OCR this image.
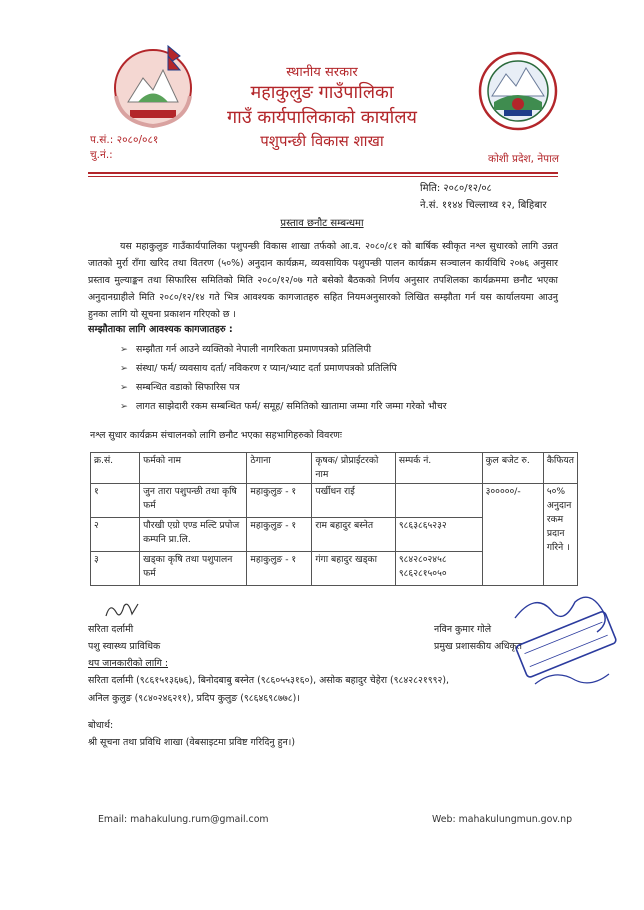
स्थानीय सरकार
महाकुलुङ गाउँपालिका
गाउँ कार्यपालिकाको कार्यालय
पशुपन्छी विकास शाखा
प.सं.: २०८०/०८१
चु.नं.:	कोशी प्रदेश, नेपाल
मिति: २०८०/१२/०८
ने.सं. ११४४ चिल्लाथ्व १२, बिहिबार
प्रस्ताव छनौट सम्बन्धमा
यस महाकुलुङ गाउँकार्यपालिका पशुपन्छी विकास शाखा तर्फको आ.व. २०८०/८१ को बार्षिक स्वीकृत नश्ल सुधारको लागि उन्नत जातको मुर्रा राँगा खरिद तथा वितरण (५०%) अनुदान कार्यक्रम, व्यवसायिक पशुपन्छी पालन कार्यक्रम सञ्चालन कार्यविधि २०७६ अनुसार प्रस्ताव मुल्याङ्कन तथा सिफारिस समितिको मिति २०८०/१२/०७ गते बसेको बैठकको निर्णय अनुसार तपशिलका कार्यक्रममा छनौट भएका अनुदानग्राहीले मिति २०८०/१२/१४ गते भित्र आवश्यक कागजातहरु सहित नियमअनुसारको लिखित सम्झौता गर्न यस कार्यालयमा आउनु हुनका लागि यो सूचना प्रकाशन गरिएको छ ।
सम्झौताका लागि आवश्यक कागजातहरु :
➢ सम्झौता गर्न आउने व्यक्तिको नेपाली नागरिकता प्रमाणपत्रको प्रतिलिपी
➢ संस्था/ फर्म/ व्यवसाय दर्ता/ नविकरण र प्यान/भ्याट दर्ता प्रमाणपत्रको प्रतिलिपि
➢ सम्बन्धित वडाको सिफारिस पत्र
➢ लागत साझेदारी रकम सम्बन्धित फर्म/ समूह/ समितिको खातामा जम्मा गरि जम्मा गरेको भौचर
नश्ल सुधार कार्यक्रम संचालनको लागि छनौट भएका सहभागिहरुको विवरणः
क्र.सं.	फर्मको नाम	ठेगाना	कृषक/ प्रोप्राईटरको नाम	सम्पर्क नं.	कुल बजेट रु.	कैफियत
१	जुन तारा पशुपन्छी तथा कृषि फर्म	महाकुलुङ - १	पर्खीधन राई		३०००००/-	५०% अनुदान रकम प्रदान गरिने ।
२	पौरखी एग्रो एण्ड मल्टि प्रपोज कम्पनि प्रा.लि.	महाकुलुङ - १	राम बहादुर बस्नेत	९८६३८६५२३२		
३	खड्का कृषि तथा पशुपालन फर्म	महाकुलुङ - १	गंगा बहादुर खड्का	९८४२८०२४५८ ९८६२८१५०५०		
सरिता दर्लामी
पशु स्वास्थ्य प्राविधिक
नविन कुमार गोले
प्रमुख प्रशासकीय अधिकृत
थप जानकारीको लागि :
सरिता दर्लामी (९८६१५१३६७६), बिनोदबाबु बस्नेत (९८६०५५३१६०), असोक बहादुर चेहेरा (९८४२८२१९९२),
अनिल कुलुङ (९८४०२४६२११), प्रदिप कुलुङ (९८६४६९८७७८)।
बोधार्थ:
श्री सूचना तथा प्रविधि शाखा (वेबसाइटमा प्रविष्ट गरिदिनु हुन।)
Email: mahakulung.rum@gmail.com	Web: mahakulungmun.gov.np
